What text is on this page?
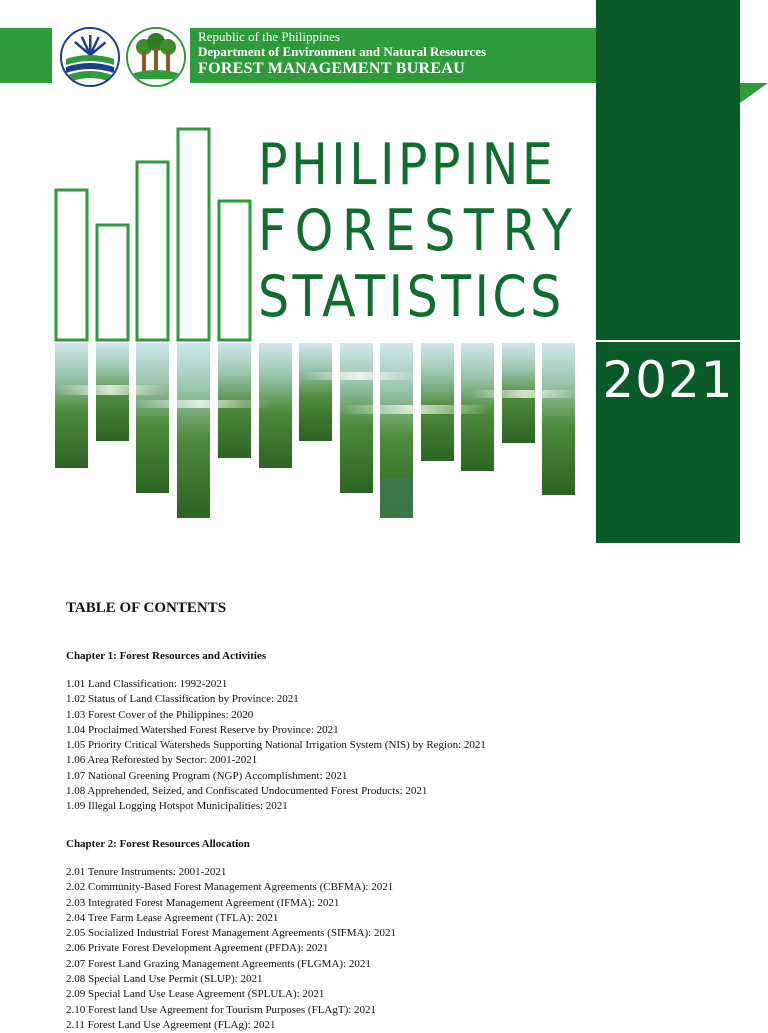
Republic of the Philippines
Department of Environment and Natural Resources
FOREST MANAGEMENT BUREAU
2021
PHILIPPINE
FORESTRY
STATISTICS
TABLE OF CONTENTS
Chapter 1: Forest Resources and Activities
1.01 Land Classification: 1992-2021
1.02 Status of Land Classification by Province: 2021
1.03 Forest Cover of the Philippines: 2020
1.04 Proclaimed Watershed Forest Reserve by Province: 2021
1.05 Priority Critical Watersheds Supporting National Irrigation System (NIS) by Region: 2021
1.06 Area Reforested by Sector: 2001-2021
1.07 National Greening Program (NGP) Accomplishment: 2021
1.08 Apprehended, Seized, and Confiscated Undocumented Forest Products: 2021
1.09 Illegal Logging Hotspot Municipalities: 2021
Chapter 2: Forest Resources Allocation
2.01 Tenure Instruments: 2001-2021
2.02 Community-Based Forest Management Agreements (CBFMA): 2021
2.03 Integrated Forest Management Agreement (IFMA): 2021
2.04 Tree Farm Lease Agreement (TFLA): 2021
2.05 Socialized Industrial Forest Management Agreements (SIFMA): 2021
2.06 Private Forest Development Agreement (PFDA): 2021
2.07 Forest Land Grazing Management Agreements (FLGMA): 2021
2.08 Special Land Use Permit (SLUP): 2021
2.09 Special Land Use Lease Agreement (SPLULA): 2021
2.10 Forest land Use Agreement for Tourism Purposes (FLAgT): 2021
2.11 Forest Land Use Agreement (FLAg): 2021
